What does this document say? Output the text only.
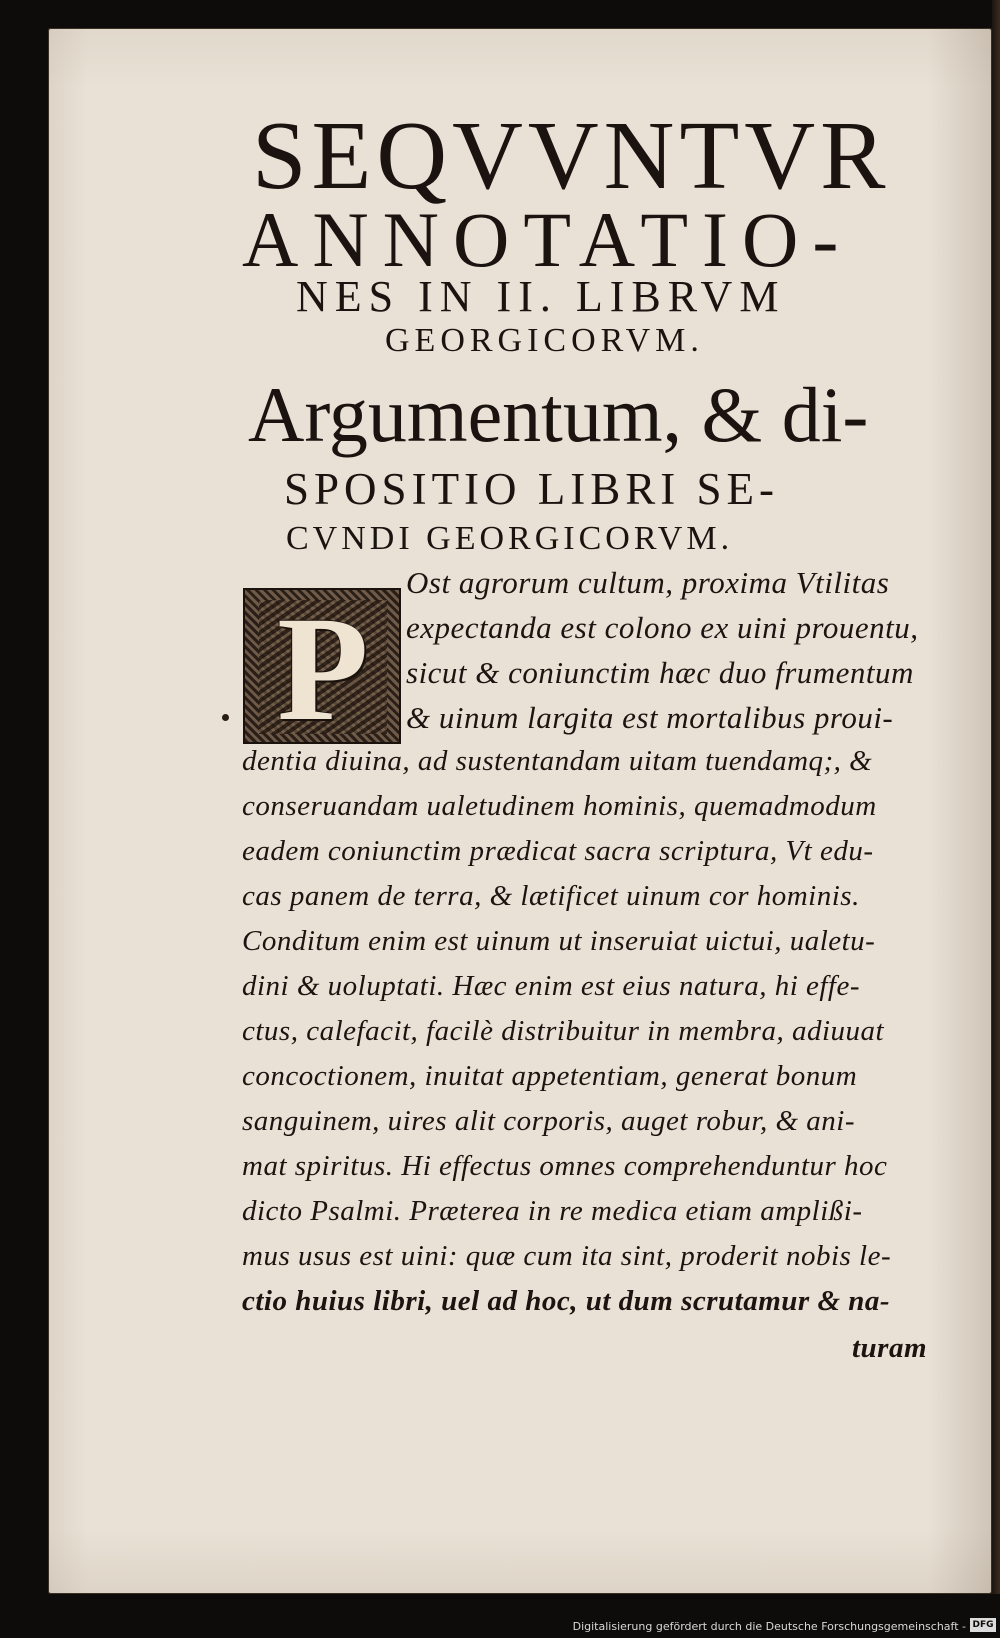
SEQVVNTVR
ANNOTATIO-
NES IN II. LIBRVM
GEORGICORVM.
Argumentum, & di-
SPOSITIO LIBRI SE-
CVNDI GEORGICORVM.
P
Ost agrorum cultum, proxima Vtilitas
expectanda est colono ex uini prouentu,
sicut & coniunctim hæc duo frumentum
& uinum largita est mortalibus proui-
dentia diuina, ad sustentandam uitam tuendamq;, &
conseruandam ualetudinem hominis, quemadmodum
eadem coniunctim prædicat sacra scriptura, Vt edu-
cas panem de terra, & lætificet uinum cor hominis.
Conditum enim est uinum ut inseruiat uictui, ualetu-
dini & uoluptati. Hæc enim est eius natura, hi effe-
ctus, calefacit, facilè distribuitur in membra, adiuuat
concoctionem, inuitat appetentiam, generat bonum
sanguinem, uires alit corporis, auget robur, & ani-
mat spiritus. Hi effectus omnes comprehenduntur hoc
dicto Psalmi. Præterea in re medica etiam amplißi-
mus usus est uini: quæ cum ita sint, proderit nobis le-
ctio huius libri, uel ad hoc, ut dum scrutamur & na-
turam
Digitalisierung gefördert durch die Deutsche Forschungsgemeinschaft - DFG
